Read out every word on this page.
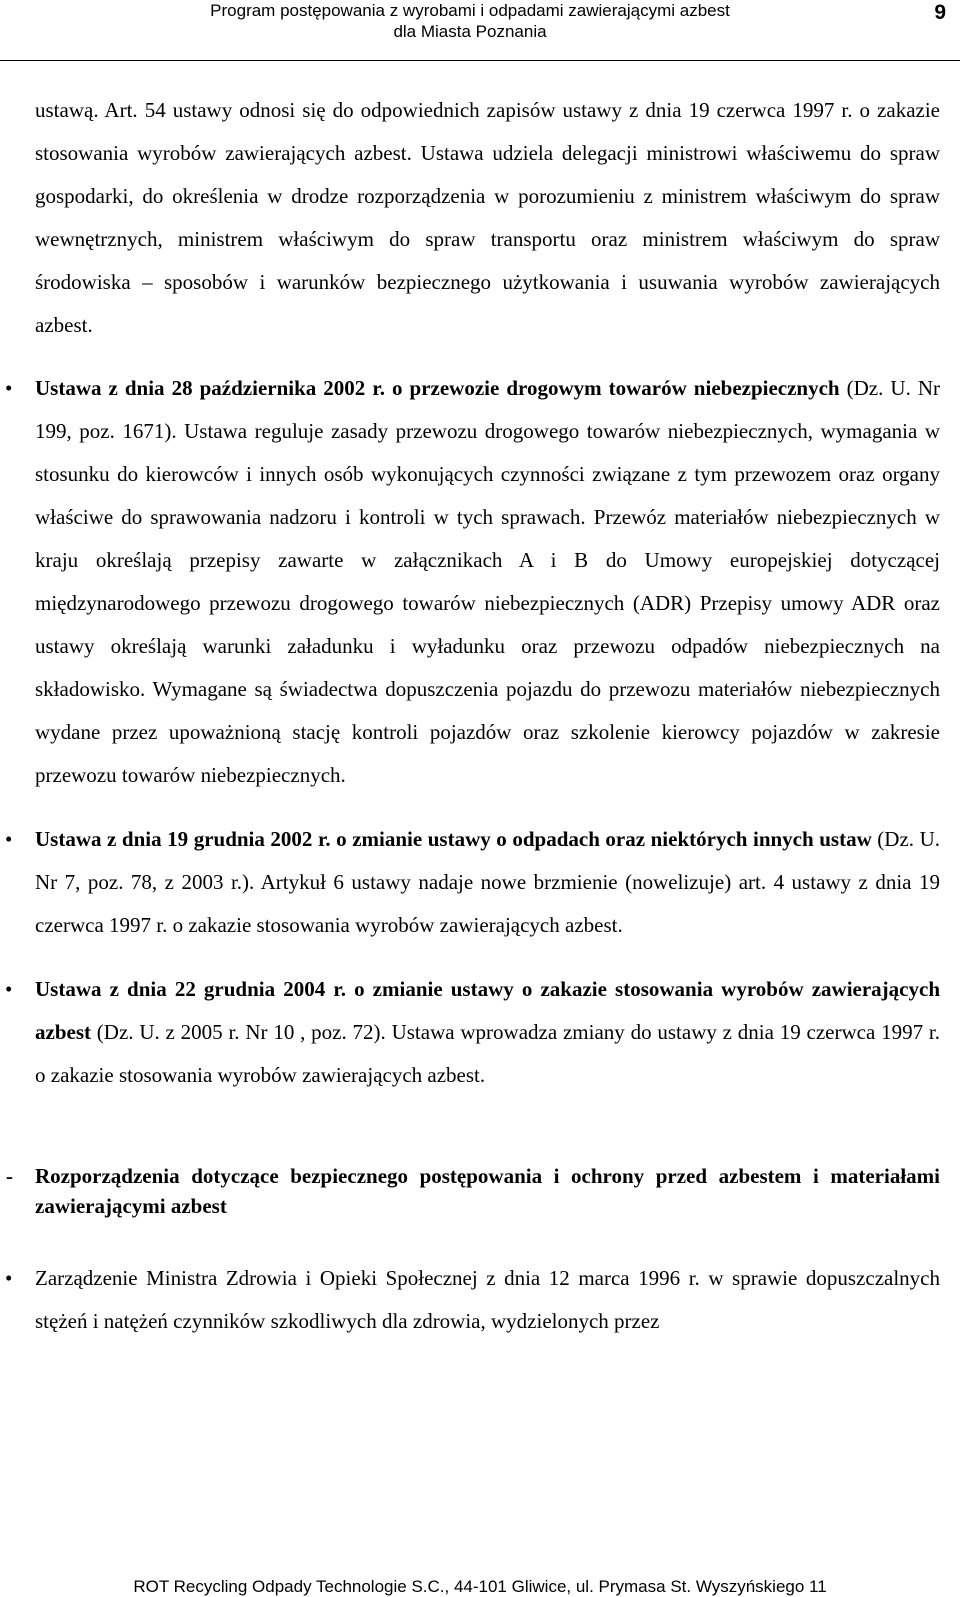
Program postępowania z wyrobami i odpadami zawierającymi azbest
dla Miasta Poznania
9

ustawą. Art. 54 ustawy odnosi się do odpowiednich zapisów ustawy z dnia 19 czerwca 1997 r. o zakazie stosowania wyrobów zawierających azbest. Ustawa udziela delegacji ministrowi właściwemu do spraw gospodarki, do określenia w drodze rozporządzenia w porozumieniu z ministrem właściwym do spraw wewnętrznych, ministrem właściwym do spraw transportu oraz ministrem właściwym do spraw środowiska – sposobów i warunków bezpiecznego użytkowania i usuwania wyrobów zawierających azbest.

• Ustawa z dnia 28 października 2002 r. o przewozie drogowym towarów niebezpiecznych (Dz. U. Nr 199, poz. 1671). Ustawa reguluje zasady przewozu drogowego towarów niebezpiecznych, wymagania w stosunku do kierowców i innych osób wykonujących czynności związane z tym przewozem oraz organy właściwe do sprawowania nadzoru i kontroli w tych sprawach. Przewóz materiałów niebezpiecznych w kraju określają przepisy zawarte w załącznikach A i B do Umowy europejskiej dotyczącej międzynarodowego przewozu drogowego towarów niebezpiecznych (ADR) Przepisy umowy ADR oraz ustawy określają warunki załadunku i wyładunku oraz przewozu odpadów niebezpiecznych na składowisko. Wymagane są świadectwa dopuszczenia pojazdu do przewozu materiałów niebezpiecznych wydane przez upoważnioną stację kontroli pojazdów oraz szkolenie kierowcy pojazdów w zakresie przewozu towarów niebezpiecznych.
• Ustawa z dnia 19 grudnia 2002 r. o zmianie ustawy o odpadach oraz niektórych innych ustaw (Dz. U. Nr 7, poz. 78, z 2003 r.). Artykuł 6 ustawy nadaje nowe brzmienie (nowelizuje) art. 4 ustawy z dnia 19 czerwca 1997 r. o zakazie stosowania wyrobów zawierających azbest.
• Ustawa z dnia 22 grudnia 2004 r. o zmianie ustawy o zakazie stosowania wyrobów zawierających azbest (Dz. U. z 2005 r. Nr 10 , poz. 72). Ustawa wprowadza zmiany do ustawy z dnia 19 czerwca 1997 r. o zakazie stosowania wyrobów zawierających azbest.
- Rozporządzenia dotyczące bezpiecznego postępowania i ochrony przed azbestem i materiałami zawierającymi azbest
• Zarządzenie Ministra Zdrowia i Opieki Społecznej z dnia 12 marca 1996 r. w sprawie dopuszczalnych stężeń i natężeń czynników szkodliwych dla zdrowia, wydzielonych przez
ROT Recycling Odpady Technologie S.C., 44-101 Gliwice, ul. Prymasa St. Wyszyńskiego 11
